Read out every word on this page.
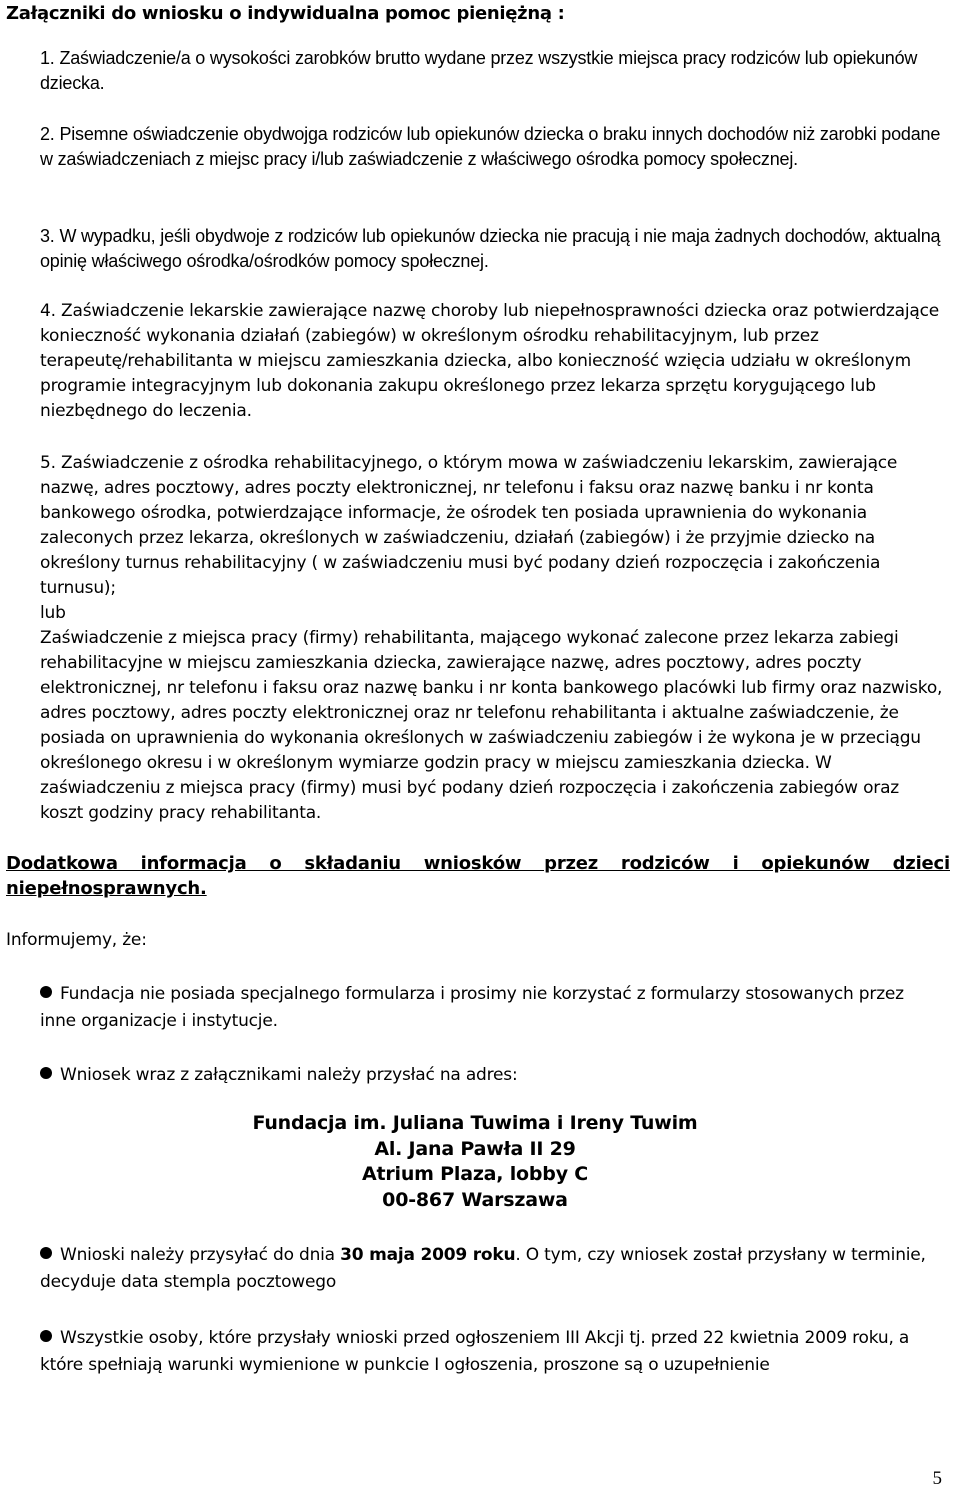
Załączniki do wniosku o indywidualna pomoc pieniężną :
1. Zaświadczenie/a o wysokości zarobków brutto wydane przez wszystkie miejsca pracy rodziców lub opiekunów dziecka.
2. Pisemne oświadczenie obydwojga rodziców lub opiekunów dziecka o braku innych dochodów niż zarobki podane w zaświadczeniach z miejsc pracy i/lub zaświadczenie z właściwego ośrodka pomocy społecznej.
3. W wypadku, jeśli obydwoje z rodziców lub opiekunów dziecka nie pracują i nie maja żadnych dochodów, aktualną opinię właściwego ośrodka/ośrodków pomocy społecznej.
4. Zaświadczenie lekarskie zawierające nazwę choroby lub niepełnosprawności dziecka oraz potwierdzające konieczność wykonania działań (zabiegów) w określonym ośrodku rehabilitacyjnym, lub przez terapeutę/rehabilitanta w miejscu zamieszkania dziecka, albo konieczność wzięcia udziału w określonym programie integracyjnym lub dokonania zakupu określonego przez lekarza sprzętu korygującego lub niezbędnego do leczenia.
5. Zaświadczenie z ośrodka rehabilitacyjnego, o którym mowa w zaświadczeniu lekarskim, zawierające nazwę, adres pocztowy, adres poczty elektronicznej, nr telefonu i faksu oraz nazwę banku i nr konta bankowego ośrodka, potwierdzające informacje, że ośrodek ten posiada uprawnienia do wykonania zaleconych przez lekarza, określonych w zaświadczeniu, działań (zabiegów) i że przyjmie dziecko na określony turnus rehabilitacyjny ( w zaświadczeniu musi być podany dzień rozpoczęcia i zakończenia turnusu);
lub
Zaświadczenie z miejsca pracy (firmy) rehabilitanta, mającego wykonać zalecone przez lekarza zabiegi rehabilitacyjne w miejscu zamieszkania dziecka, zawierające nazwę, adres pocztowy, adres poczty elektronicznej, nr telefonu i faksu oraz nazwę banku i nr konta bankowego placówki lub firmy oraz nazwisko, adres pocztowy, adres poczty elektronicznej oraz nr telefonu rehabilitanta i aktualne zaświadczenie, że posiada on uprawnienia do wykonania określonych w zaświadczeniu zabiegów i że wykona je w przeciągu określonego okresu i w określonym wymiarze godzin pracy w miejscu zamieszkania dziecka. W zaświadczeniu z miejsca pracy (firmy) musi być podany dzień rozpoczęcia i zakończenia zabiegów oraz koszt godziny pracy rehabilitanta.
Dodatkowa informacja o składaniu wniosków przez rodziców i opiekunów dzieci
niepełnosprawnych.
Informujemy, że:
Fundacja nie posiada specjalnego formularza i prosimy nie korzystać z formularzy stosowanych przez inne organizacje i instytucje.
Wniosek wraz z załącznikami należy przysłać na adres:
Fundacja im. Juliana Tuwima i Ireny Tuwim
Al. Jana Pawła II 29
Atrium Plaza, lobby C
00-867 Warszawa
Wnioski należy przysyłać do dnia 30 maja 2009 roku. O tym, czy wniosek został przysłany w terminie, decyduje data stempla pocztowego
Wszystkie osoby, które przysłały wnioski przed ogłoszeniem III Akcji tj. przed 22 kwietnia 2009 roku, a które spełniają warunki wymienione w punkcie I ogłoszenia, proszone są o uzupełnienie
5
